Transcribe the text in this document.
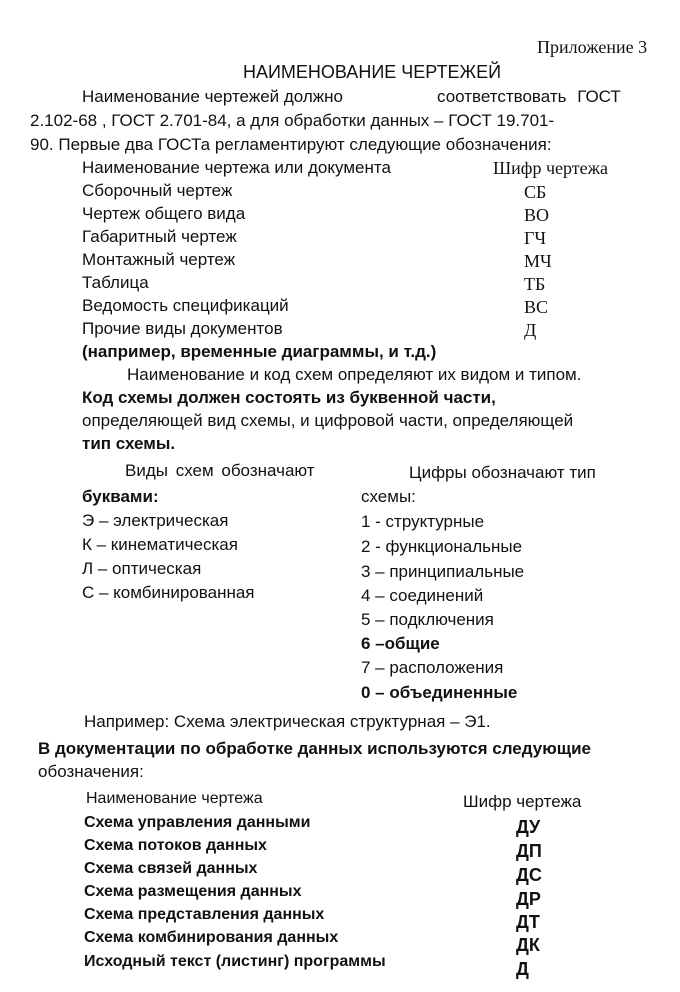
Приложение 3
НАИМЕНОВАНИЕ ЧЕРТЕЖЕЙ
Наименование чертежей должно	соответствовать ГОСТ
2.102-68 , ГОСТ 2.701-84, а для обработки данных – ГОСТ 19.701-
90. Первые два ГОСТа регламентируют следующие обозначения:
Наименование чертежа или документа	Шифр чертежа
Сборочный чертеж	СБ
Чертеж общего вида	ВО
Габаритный чертеж	ГЧ
Монтажный чертеж	МЧ
Таблица	ТБ
Ведомость спецификаций	ВС
Прочие виды документов	Д
(например, временные диаграммы, и т.д.)
Наименование и код схем определяют их видом и типом.
Код схемы должен состоять из буквенной части,
определяющей вид схемы, и цифровой части, определяющей
тип схемы.
Виды схем обозначают
буквами:
Э – электрическая
К – кинематическая
Л – оптическая
С – комбинированная
Цифры обозначают тип
схемы:
1 - структурные
2 - функциональные
3 – принципиальные
4 – соединений
5 – подключения
6 –общие
7 – расположения
0 – объединенные
Например: Схема электрическая структурная – Э1.
В документации по обработке данных используются следующие
обозначения:
Наименование чертежа	Шифр чертежа
Схема управления данными	ДУ
Схема потоков данных	ДП
Схема связей данных	ДС
Схема размещения данных	ДР
Схема представления данных	ДТ
Схема комбинирования данных	ДК
Исходный текст (листинг) программы	Д
